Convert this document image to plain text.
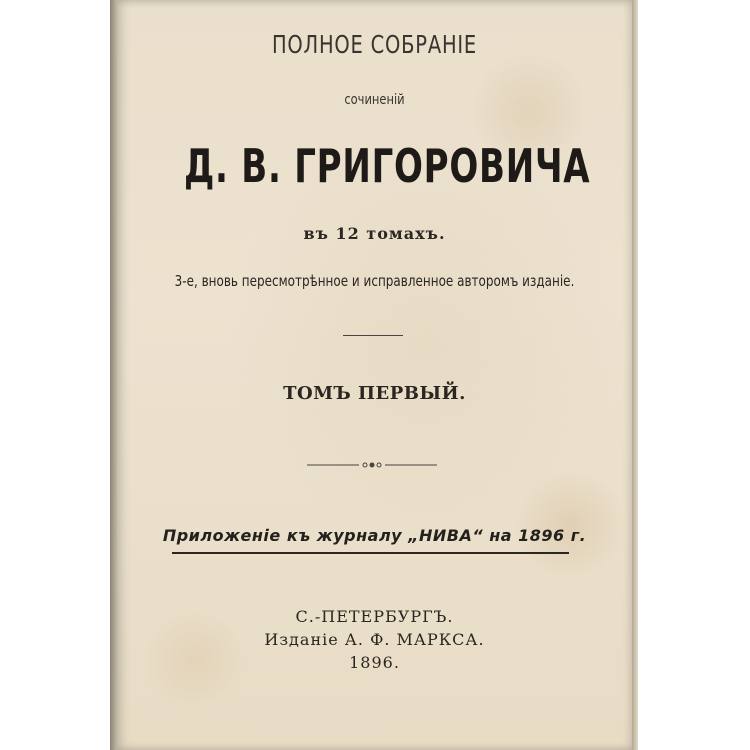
ПОЛНОЕ СОБРАНІЕ
сочиненій
Д. В. ГРИГОРОВИЧА
въ 12 томахъ.
3-е, вновь пересмотрѣнное и исправленное авторомъ изданіе.
ТОМЪ ПЕРВЫЙ.
Приложеніе къ журналу „НИВА“ на 1896 г.
С.-ПЕТЕРБУРГЪ.
Изданіе А. Ф. МАРКСА.
1896.
